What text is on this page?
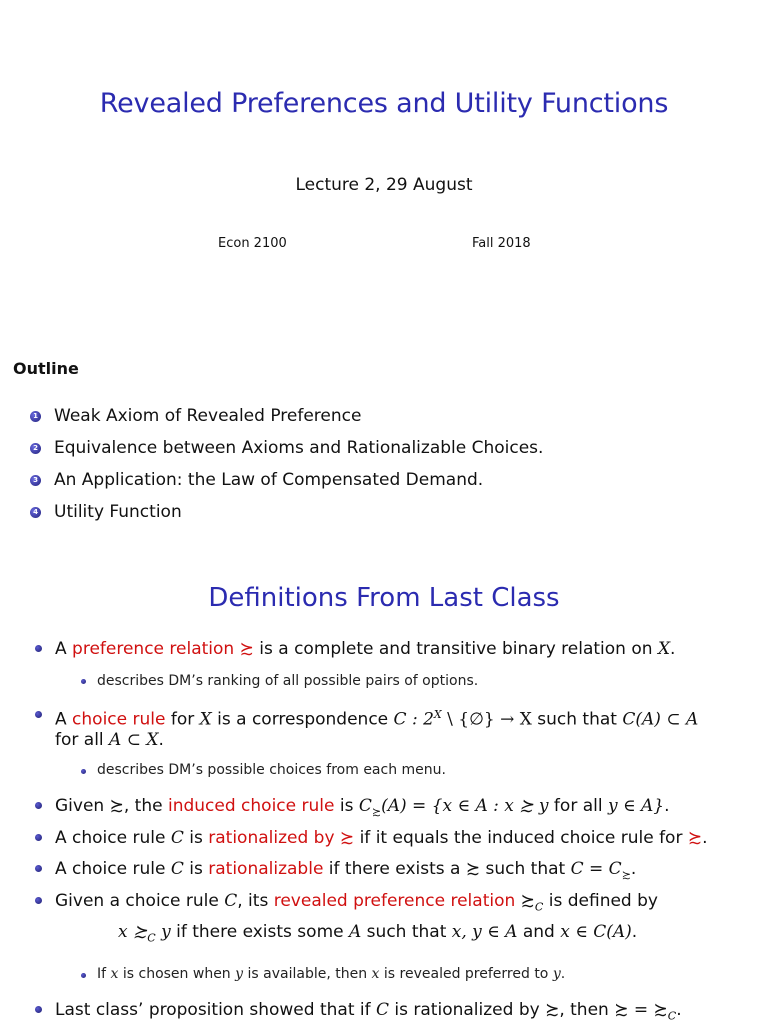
Revealed Preferences and Utility Functions
Lecture 2, 29 August
Econ 2100	Fall 2018
Outline
1 Weak Axiom of Revealed Preference
2 Equivalence between Axioms and Rationalizable Choices.
3 An Application: the Law of Compensated Demand.
4 Utility Function
Definitions From Last Class
A preference relation ≿ is a complete and transitive binary relation on X.
describes DM’s ranking of all possible pairs of options.
A choice rule for X is a correspondence C : $2^X$ \ {∅} → X such that C(A) ⊂ A
for all A ⊂ X.
describes DM’s possible choices from each menu.
Given ≿, the induced choice rule is $C_≿(A) = \{x$ ∈ A : x ≿ y for all y ∈ A}.
A choice rule C is rationalized by ≿ if it equals the induced choice rule for ≿.
A choice rule C is rationalizable if there exists a ≿ such that $C = C_≿$.
Given a choice rule C, its revealed preference relation $≿_C$ is defined by
x $≿_C$ y if there exists some A such that x, y ∈ A and x ∈ C(A).
If x is chosen when y is available, then x is revealed preferred to y.
Last class’ proposition showed that if C is rationalized by ≿, then ≿ = $≿_C$.
